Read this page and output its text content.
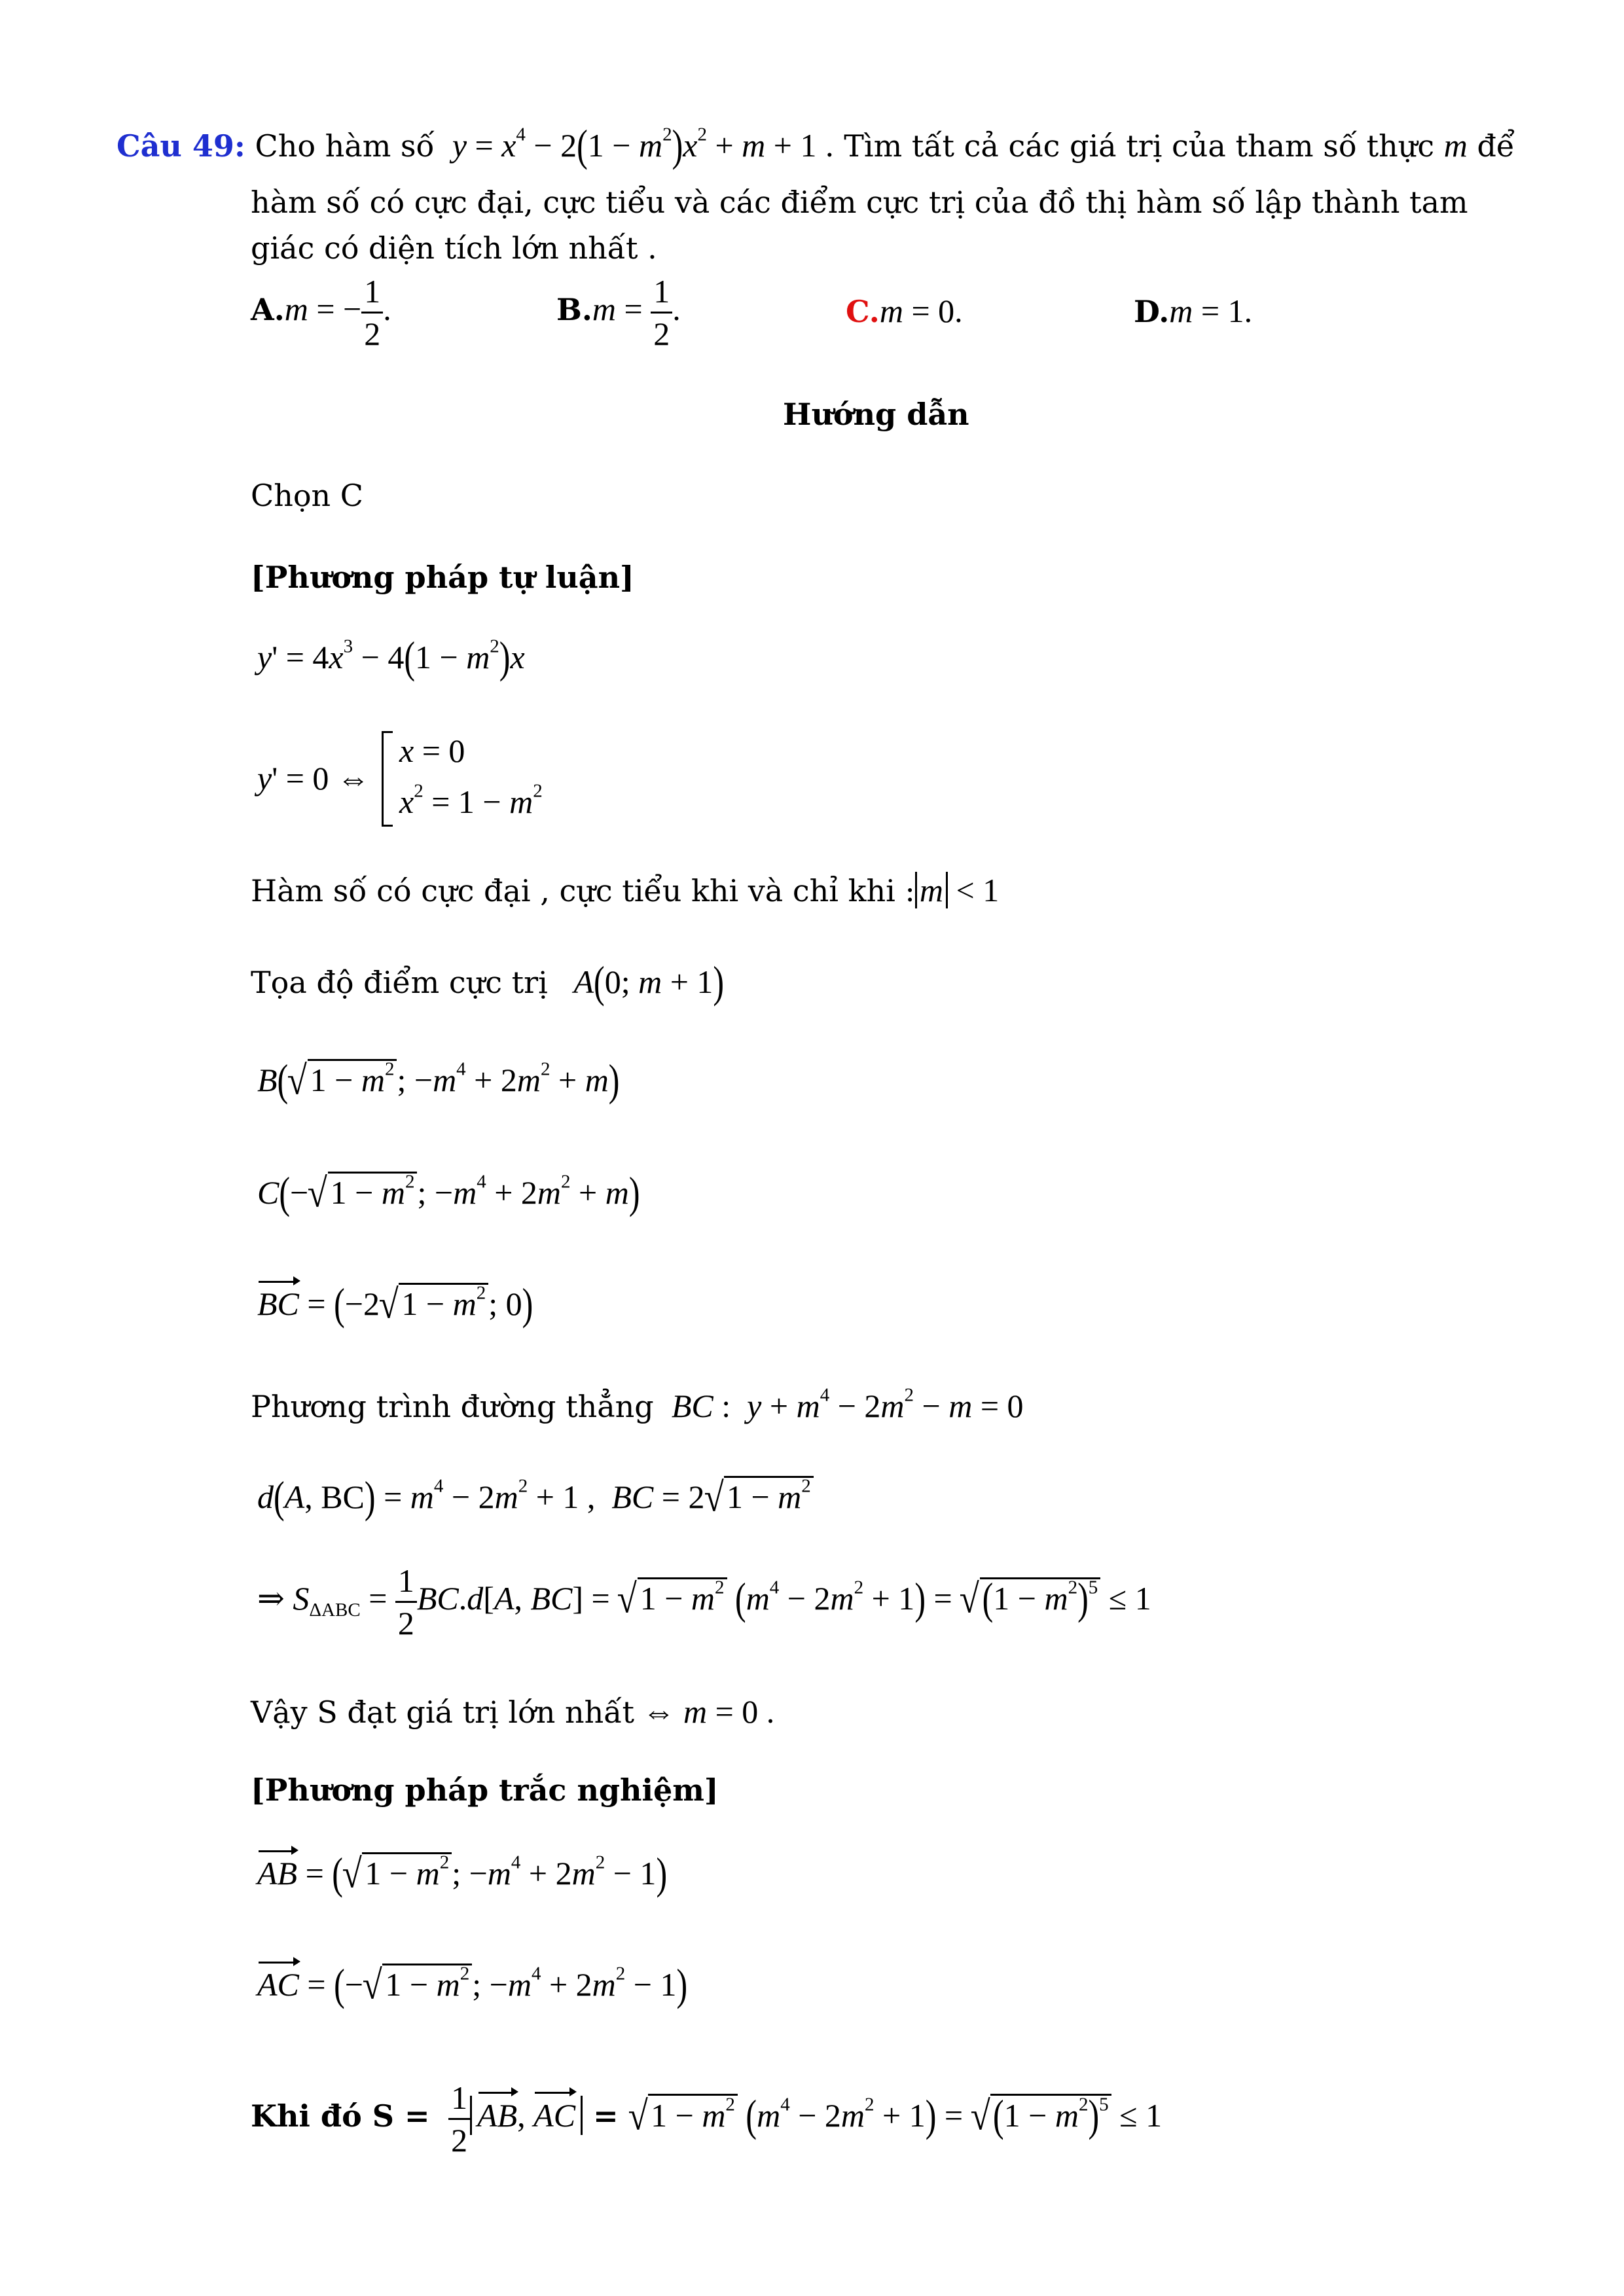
Câu 49: Cho hàm số $y = x^4 - 2(1 - m^2)x^2 + m + 1$ . Tìm tất cả các giá trị của tham số thực m để
hàm số có cực đại, cực tiểu và các điểm cực trị của đồ thị hàm số lập thành tam
giác có diện tích lớn nhất .
A.m = − $\frac{1}{2}$ .	$B.m = \frac{1}{2}$ .	C.m = 0.	D.m = 1.
Hướng dẫn
Chọn C
[Phương pháp tự luận]
$y' = 4x^3 - 4(1 - m^2)x$
y' = 0 ⇔
x = 0
$x^2 = 1 - m^2$
Hàm số có cực đại , cực tiểu khi và chỉ khi : m < 1
Tọa độ điểm cực trị A(0; m + 1)
$B(√1 - m^2$; $-m^4 + 2m^2 + m$)
$C(-√1 - m^2$; $-m^4 + 2m^2 + m$)
BC = ($-2√1 - m^2$; 0)
Phương trình đường thẳng BC :  $y + m^4 - 2m^2 - m = 0$
d(A, $BC) = m^4 - 2m^2 + 1$ ,  BC = $2√1 - m^2$
⇒ $S_{\Delta ABC} = \frac{1}{2} BC.d[A$, $BC] = √1 - m^2$ $(m^4 - 2m^2 + 1) = √(1 - m^2)^5 \le 1$
Vậy S đạt giá trị lớn nhất ⇔ m = 0 .
[Phương pháp trắc nghiệm]
AB = ($√1 - m^2$; $-m^4 + 2m^2 - 1$)
AC = ($-√1 - m^2$; $-m^4 + 2m^2 - 1$)
Khi đó $S = \frac{1}{2}$ AB, AC = $√1 - m^2$ $(m^4 - 2m^2 + 1) = √(1 - m^2)^5 \le 1$
